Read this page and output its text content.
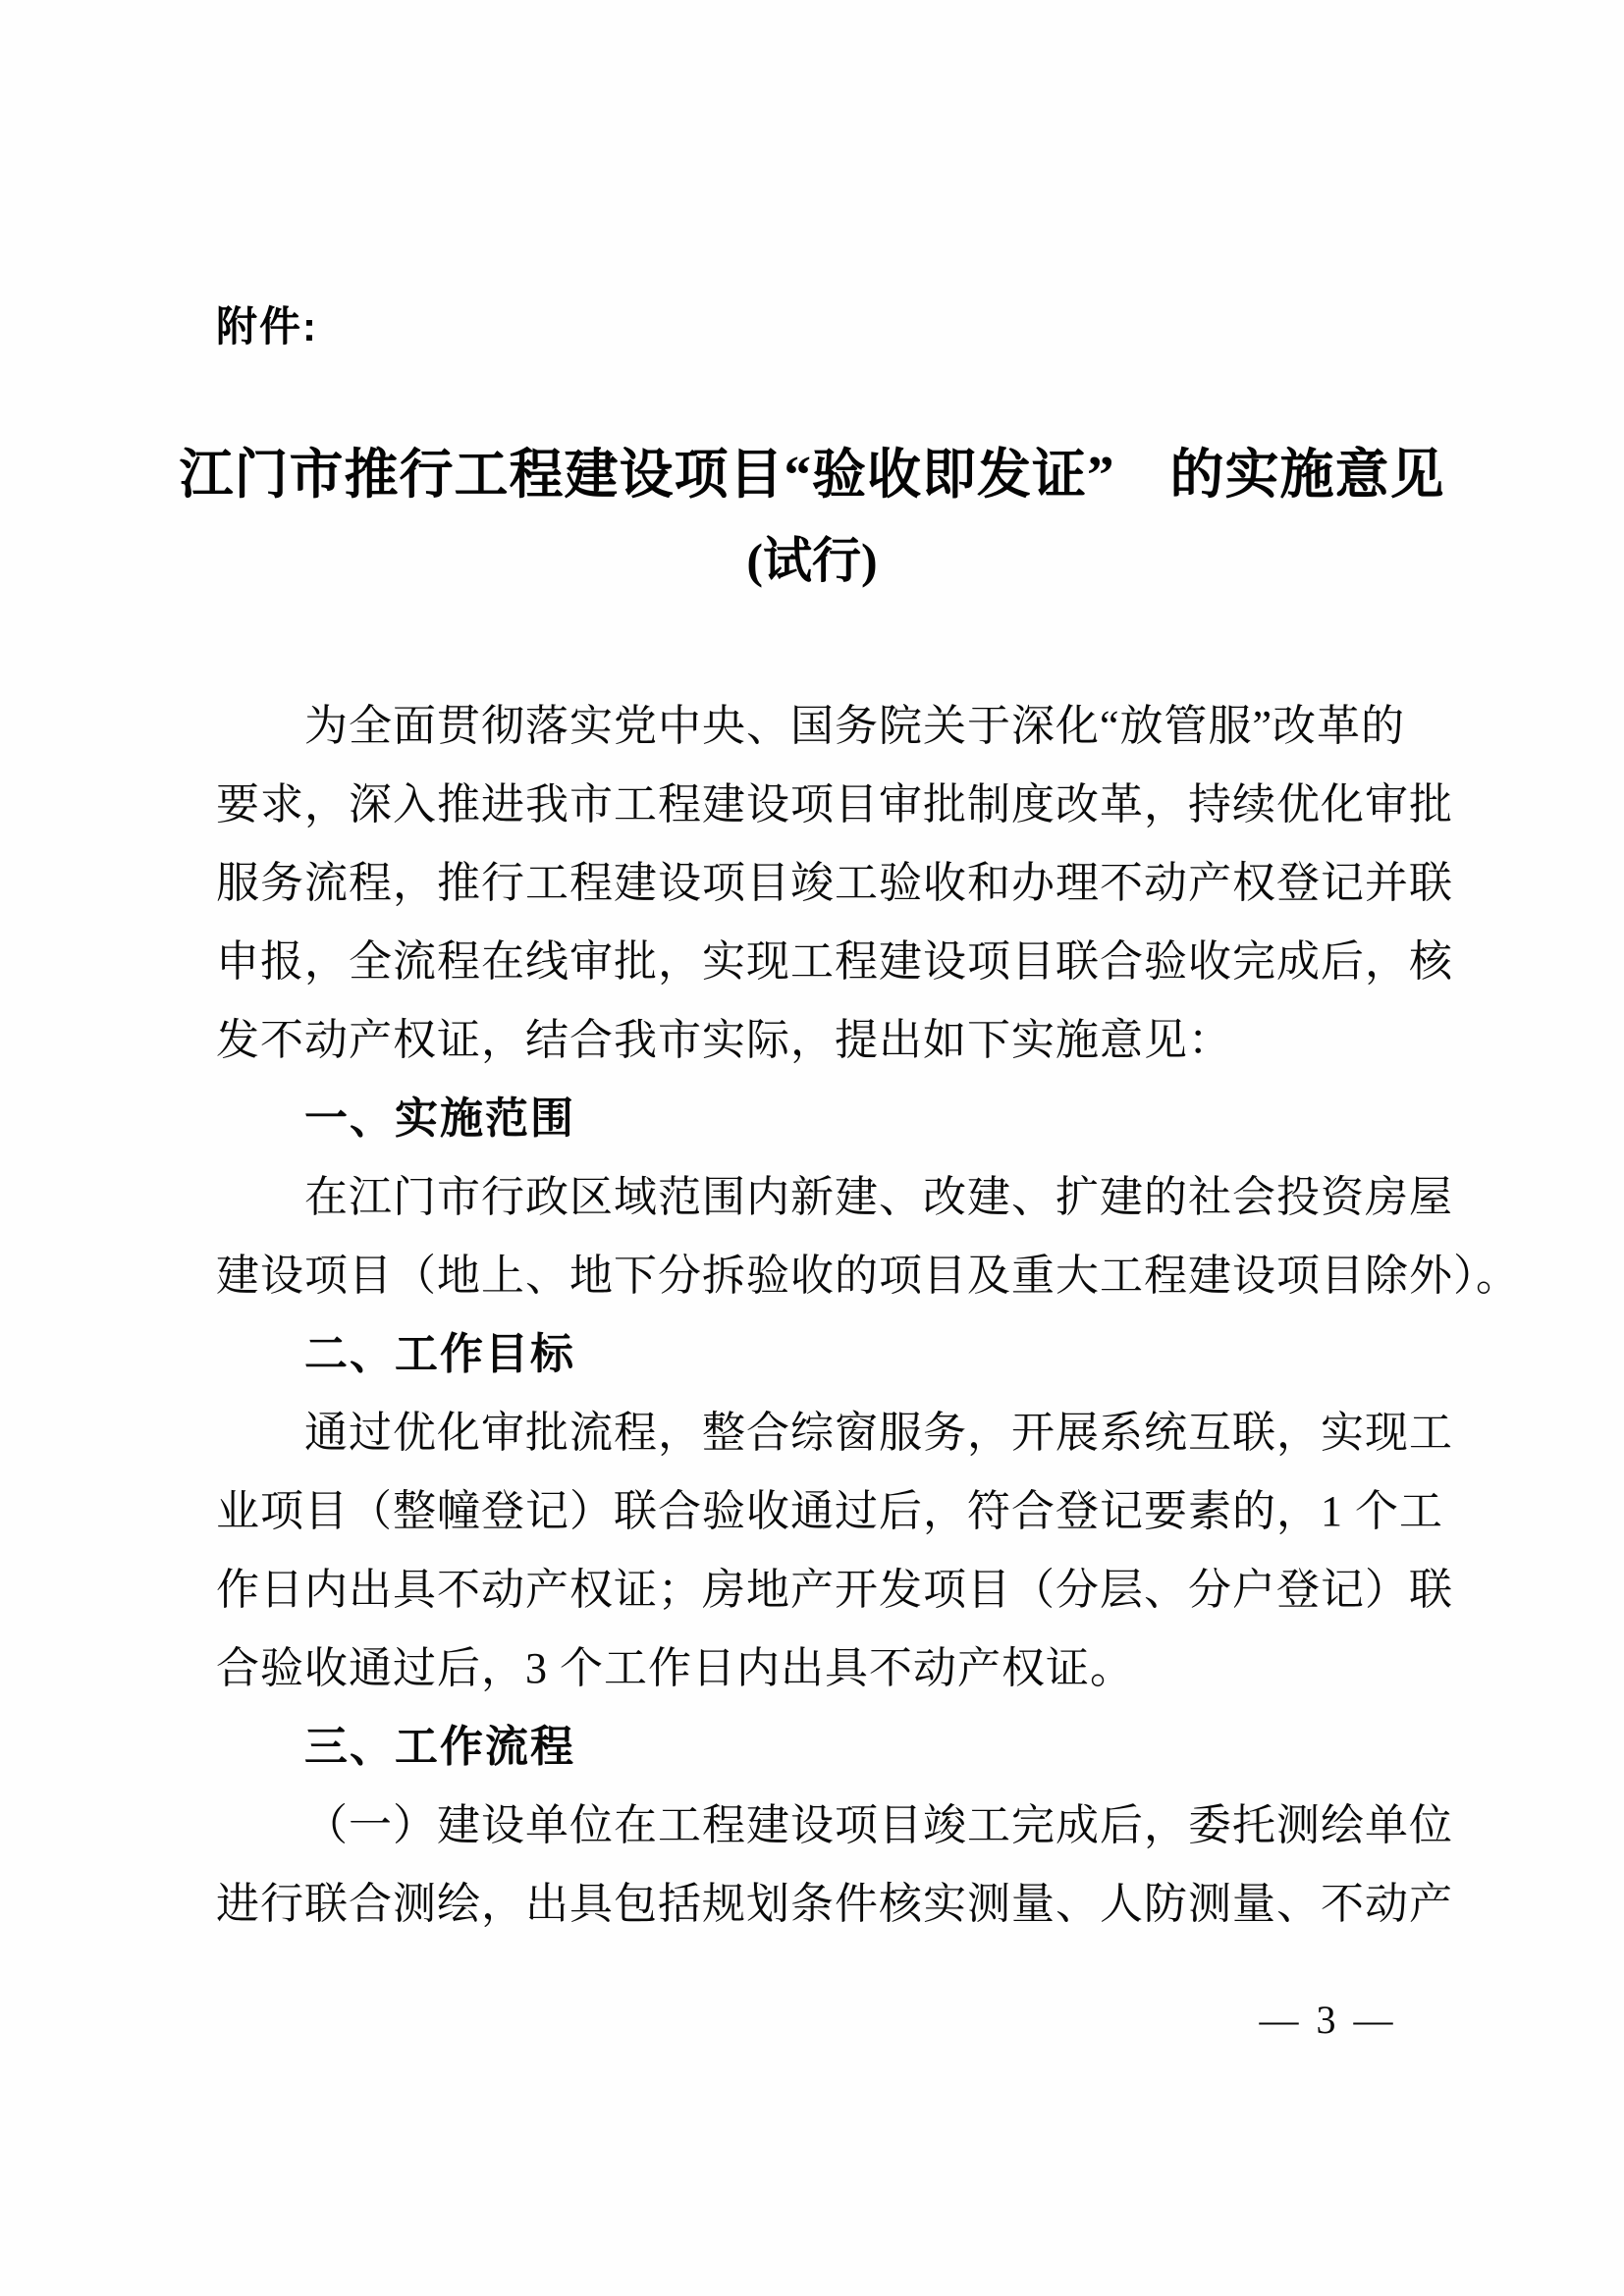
附件:
江门市推行工程建设项目“验收即发证”　的实施意见
(试行)
为全面贯彻落实党中央、国务院关于深化“放管服”改革的
要求，深入推进我市工程建设项目审批制度改革，持续优化审批
服务流程，推行工程建设项目竣工验收和办理不动产权登记并联
申报，全流程在线审批，实现工程建设项目联合验收完成后，核
发不动产权证，结合我市实际，提出如下实施意见：
一、实施范围
在江门市行政区域范围内新建、改建、扩建的社会投资房屋
建设项目（地上、地下分拆验收的项目及重大工程建设项目除外）。
二、工作目标
通过优化审批流程，整合综窗服务，开展系统互联，实现工
业项目（整幢登记）联合验收通过后，符合登记要素的，1 个工
作日内出具不动产权证；房地产开发项目（分层、分户登记）联
合验收通过后，3 个工作日内出具不动产权证。
三、工作流程
（一）建设单位在工程建设项目竣工完成后，委托测绘单位
进行联合测绘，出具包括规划条件核实测量、人防测量、不动产
— 3 —
